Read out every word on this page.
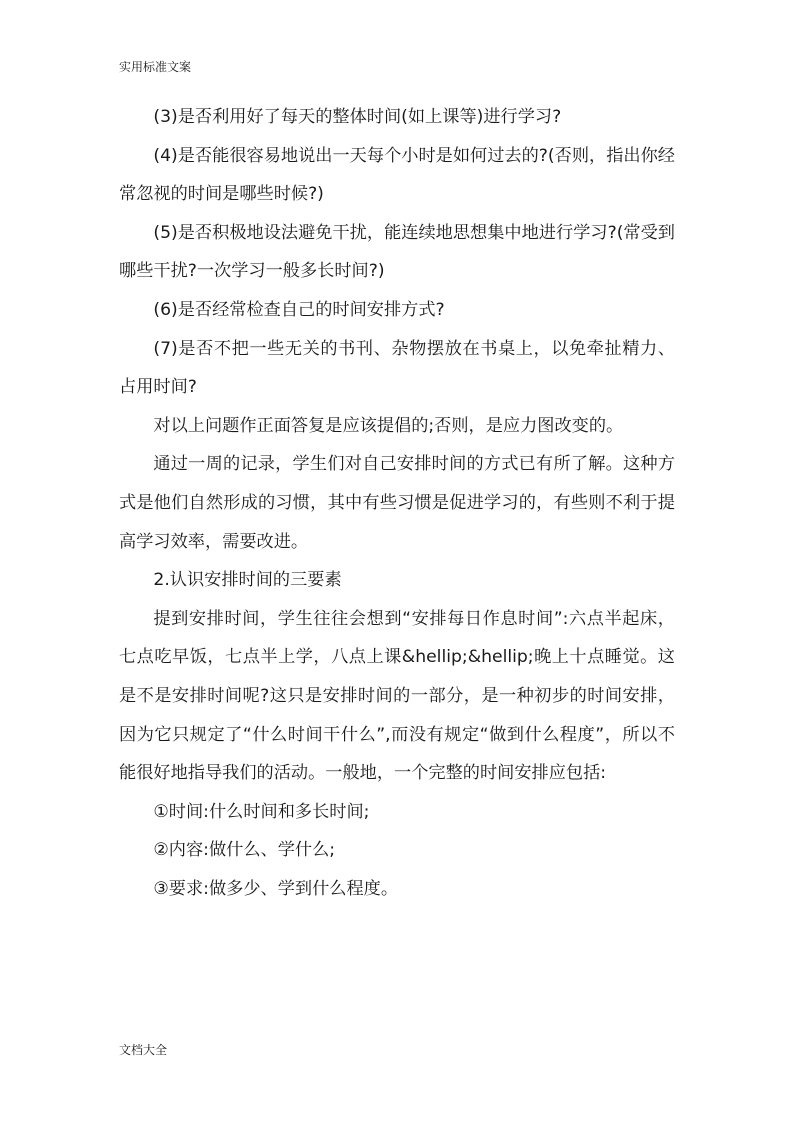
实用标准文案

(3)是否利用好了每天的整体时间(如上课等)进行学习?

(4)是否能很容易地说出一天每个小时是如何过去的?(否则，指出你经常忽视的时间是哪些时候?)

(5)是否积极地设法避免干扰，能连续地思想集中地进行学习?(常受到哪些干扰?一次学习一般多长时间?)

(6)是否经常检查自己的时间安排方式?

(7)是否不把一些无关的书刊、杂物摆放在书桌上，以免牵扯精力、占用时间?

对以上问题作正面答复是应该提倡的;否则，是应力图改变的。

通过一周的记录，学生们对自己安排时间的方式已有所了解。这种方式是他们自然形成的习惯，其中有些习惯是促进学习的，有些则不利于提高学习效率，需要改进。

2.认识安排时间的三要素

提到安排时间，学生往往会想到“安排每日作息时间”:六点半起床，七点吃早饭，七点半上学，八点上课&hellip;&hellip;晚上十点睡觉。这是不是安排时间呢?这只是安排时间的一部分，是一种初步的时间安排，因为它只规定了“什么时间干什么”,而没有规定“做到什么程度”，所以不能很好地指导我们的活动。一般地，一个完整的时间安排应包括:

①时间:什么时间和多长时间;

②内容:做什么、学什么;

③要求:做多少、学到什么程度。

文档大全
